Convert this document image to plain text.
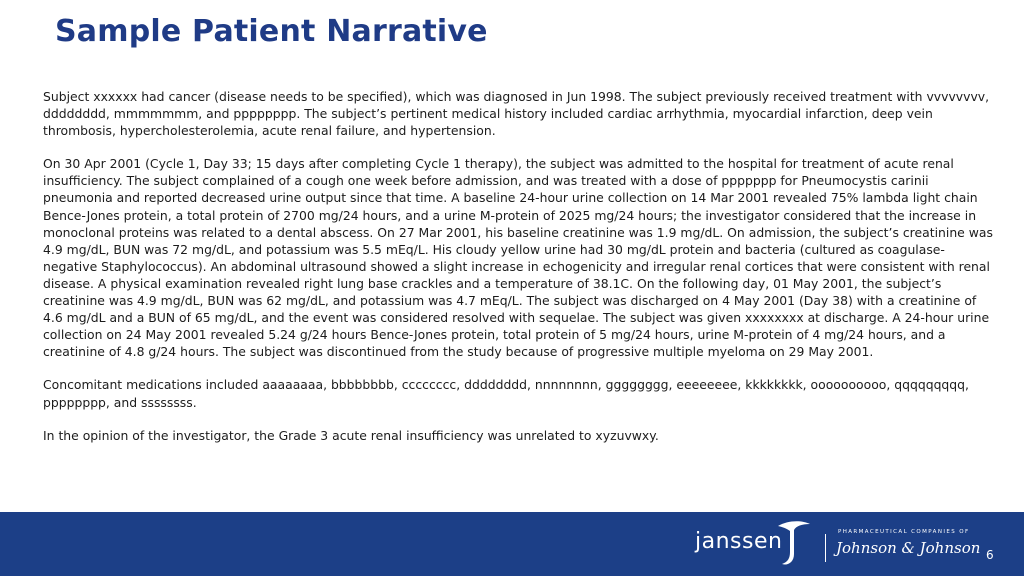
Sample Patient Narrative

Subject xxxxxx had cancer (disease needs to be specified), which was diagnosed in Jun 1998. The subject previously received treatment with vvvvvvvv, dddddddd, mmmmmmm, and pppppppp. The subject’s pertinent medical history included cardiac arrhythmia, myocardial infarction, deep vein thrombosis, hypercholesterolemia, acute renal failure, and hypertension.

On 30 Apr 2001 (Cycle 1, Day 33; 15 days after completing Cycle 1 therapy), the subject was admitted to the hospital for treatment of acute renal insufficiency. The subject complained of a cough one week before admission, and was treated with a dose of ppppppp for Pneumocystis carinii pneumonia and reported decreased urine output since that time. A baseline 24-hour urine collection on 14 Mar 2001 revealed 75% lambda light chain Bence-Jones protein, a total protein of 2700 mg/24 hours, and a urine M-protein of 2025 mg/24 hours; the investigator considered that the increase in monoclonal proteins was related to a dental abscess. On 27 Mar 2001, his baseline creatinine was 1.9 mg/dL. On admission, the subject’s creatinine was 4.9 mg/dL, BUN was 72 mg/dL, and potassium was 5.5 mEq/L. His cloudy yellow urine had 30 mg/dL protein and bacteria (cultured as coagulase-negative Staphylococcus). An abdominal ultrasound showed a slight increase in echogenicity and irregular renal cortices that were consistent with renal disease. A physical examination revealed right lung base crackles and a temperature of 38.1C. On the following day, 01 May 2001, the subject’s creatinine was 4.9 mg/dL, BUN was 62 mg/dL, and potassium was 4.7 mEq/L. The subject was discharged on 4 May 2001 (Day 38) with a creatinine of 4.6 mg/dL and a BUN of 65 mg/dL, and the event was considered resolved with sequelae. The subject was given xxxxxxxx at discharge. A 24-hour urine collection on 24 May 2001 revealed 5.24 g/24 hours Bence-Jones protein, total protein of 5 mg/24 hours, urine M-protein of 4 mg/24 hours, and a creatinine of 4.8 g/24 hours. The subject was discontinued from the study because of progressive multiple myeloma on 29 May 2001.

Concomitant medications included aaaaaaaa, bbbbbbbb, cccccccc, dddddddd, nnnnnnnn, gggggggg, eeeeeeee, kkkkkkkk, oooooooooo, qqqqqqqqq, pppppppp, and ssssssss.

In the opinion of the investigator, the Grade 3 acute renal insufficiency was unrelated to xyzuvwxy.

janssen	PHARMACEUTICAL COMPANIES OF
Johnson & Johnson 6
